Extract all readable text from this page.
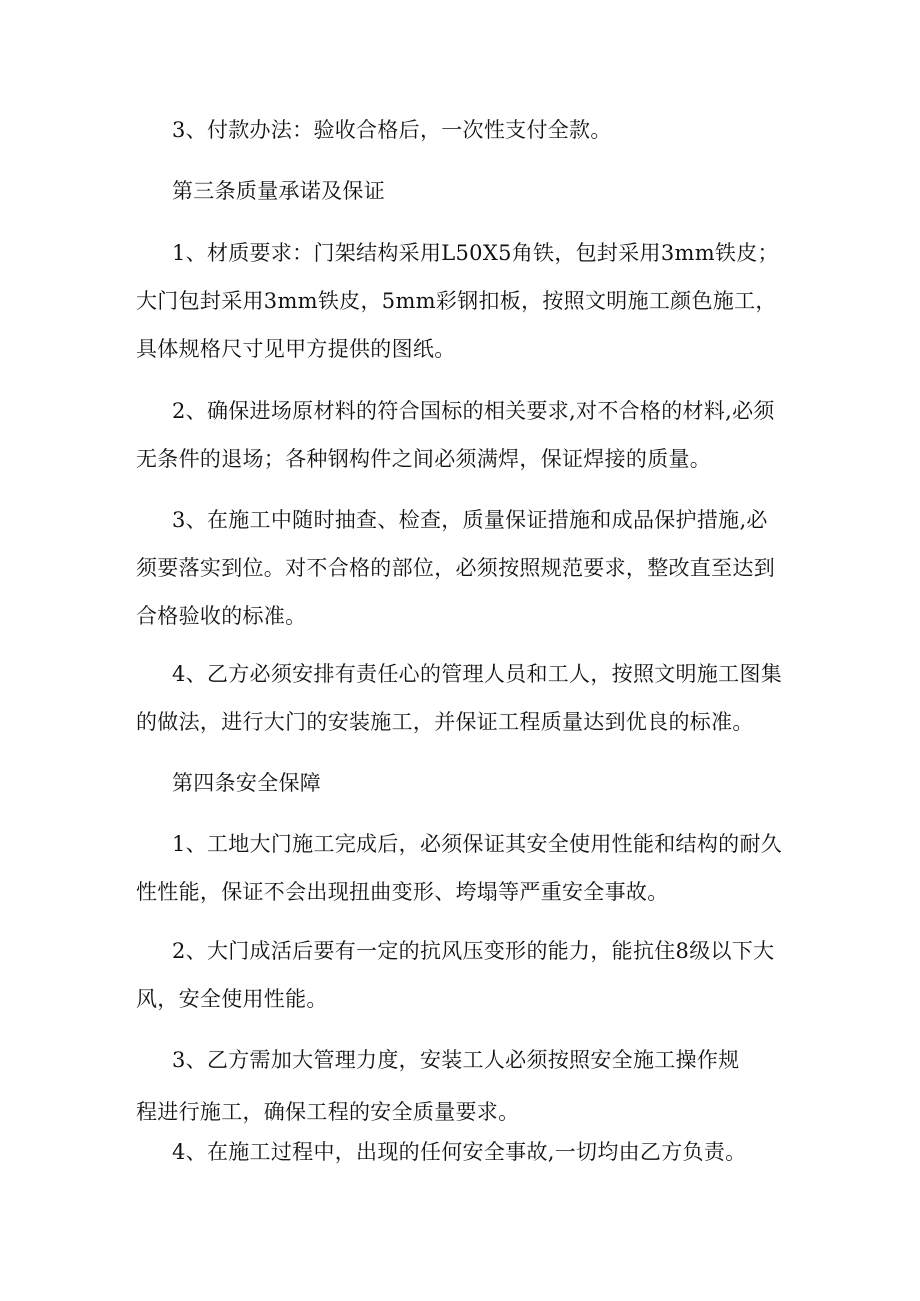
3、付款办法：验收合格后，一次性支付全款。
第三条质量承诺及保证
1、材质要求：门架结构采用L50X5角铁，包封采用3mm铁皮；
大门包封采用3mm铁皮，5mm彩钢扣板，按照文明施工颜色施工，
具体规格尺寸见甲方提供的图纸。
2、确保进场原材料的符合国标的相关要求,对不合格的材料,必须
无条件的退场；各种钢构件之间必须满焊，保证焊接的质量。
3、在施工中随时抽查、检查，质量保证措施和成品保护措施,必
须要落实到位。对不合格的部位，必须按照规范要求，整改直至达到
合格验收的标准。
4、乙方必须安排有责任心的管理人员和工人，按照文明施工图集
的做法，进行大门的安装施工，并保证工程质量达到优良的标准。
第四条安全保障
1、工地大门施工完成后，必须保证其安全使用性能和结构的耐久
性性能，保证不会出现扭曲变形、垮塌等严重安全事故。
2、大门成活后要有一定的抗风压变形的能力，能抗住8级以下大
风，安全使用性能。
3、乙方需加大管理力度，安装工人必须按照安全施工操作规
程进行施工，确保工程的安全质量要求。
4、在施工过程中，出现的任何安全事故,一切均由乙方负责。
